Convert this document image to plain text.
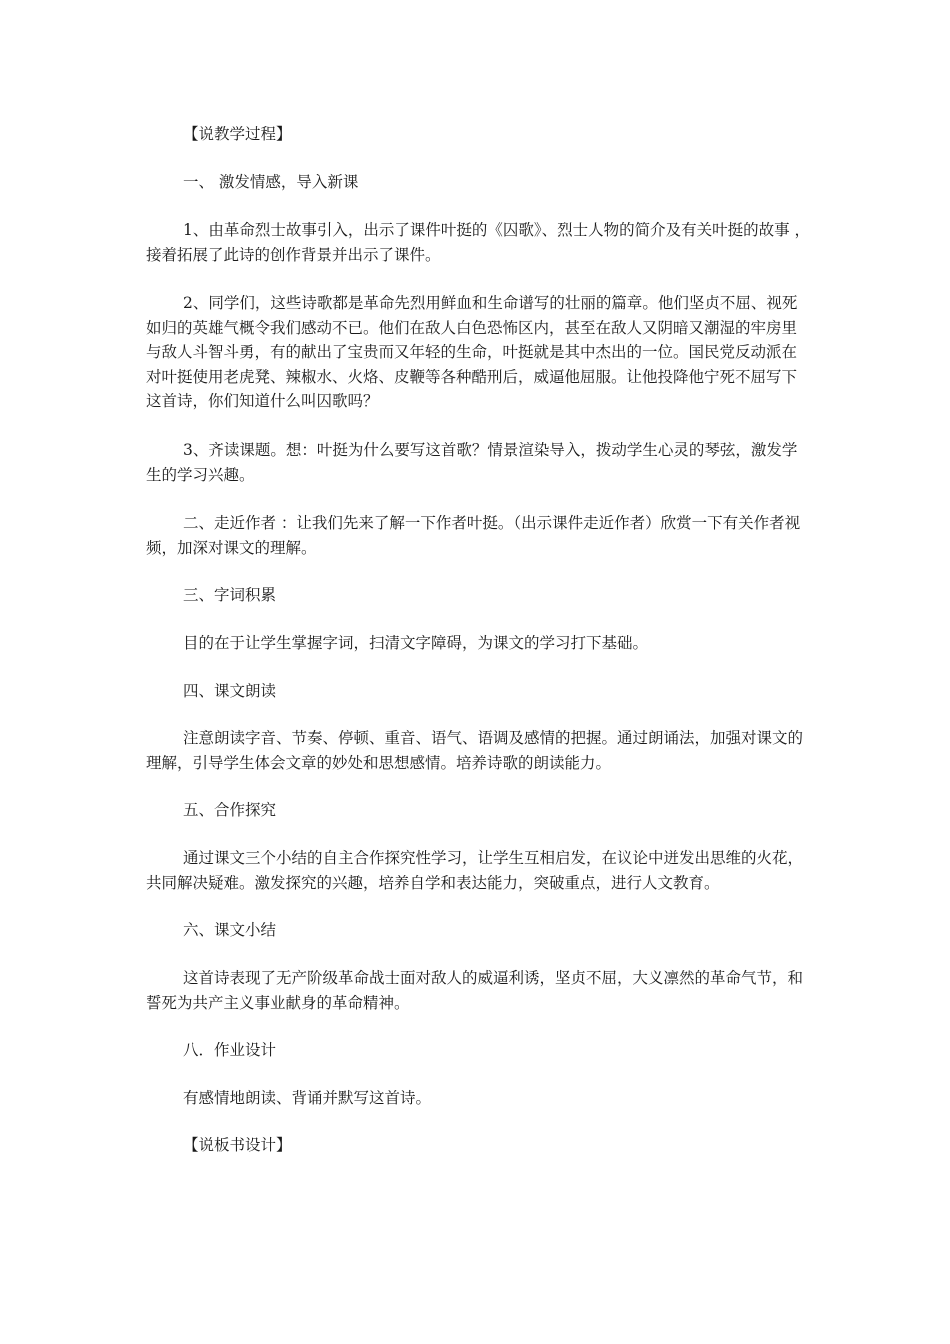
【说教学过程】

一、 激发情感，导入新课

1、由革命烈士故事引入，出示了课件叶挺的《囚歌》、烈士人物的简介及有关叶挺的故事 ，接着拓展了此诗的创作背景并出示了课件。

2、同学们，这些诗歌都是革命先烈用鲜血和生命谱写的壮丽的篇章。他们坚贞不屈、视死如归的英雄气概令我们感动不已。他们在敌人白色恐怖区内，甚至在敌人又阴暗又潮湿的牢房里与敌人斗智斗勇，有的献出了宝贵而又年轻的生命，叶挺就是其中杰出的一位。国民党反动派在对叶挺使用老虎凳、辣椒水、火烙、皮鞭等各种酷刑后，威逼他屈服。让他投降他宁死不屈写下这首诗，你们知道什么叫囚歌吗？

3、齐读课题。想：叶挺为什么要写这首歌？情景渲染导入，拨动学生心灵的琴弦，激发学生的学习兴趣。

二、走近作者 ：让我们先来了解一下作者叶挺。（出示课件走近作者）欣赏一下有关作者视频，加深对课文的理解。

三、字词积累

目的在于让学生掌握字词，扫清文字障碍，为课文的学习打下基础。

四、课文朗读

注意朗读字音、节奏、停顿、重音、语气、语调及感情的把握。通过朗诵法，加强对课文的理解，引导学生体会文章的妙处和思想感情。培养诗歌的朗读能力。

五、合作探究

通过课文三个小结的自主合作探究性学习，让学生互相启发，在议论中迸发出思维的火花，共同解决疑难。激发探究的兴趣，培养自学和表达能力，突破重点，进行人文教育。

六、课文小结

这首诗表现了无产阶级革命战士面对敌人的威逼利诱，坚贞不屈，大义凛然的革命气节，和誓死为共产主义事业献身的革命精神。

八．作业设计

有感情地朗读、背诵并默写这首诗。

【说板书设计】
